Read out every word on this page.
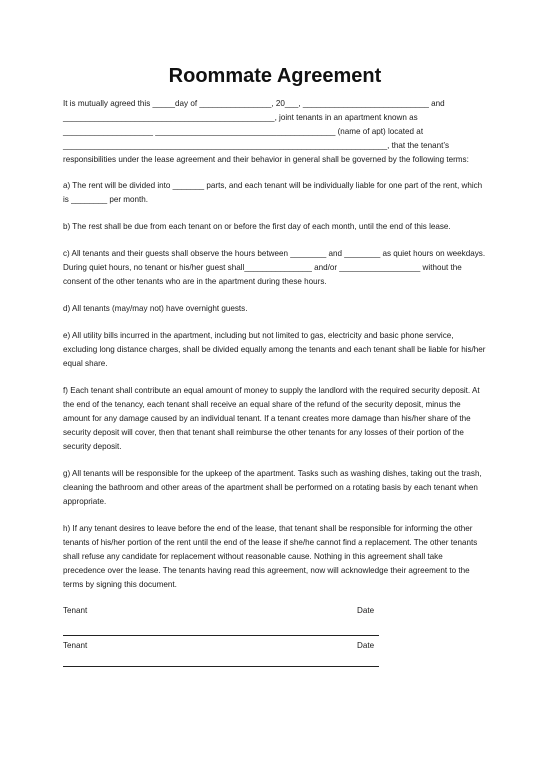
Roommate Agreement

It is mutually agreed this _____day of ________________, 20___, ____________________________ and _______________________________________________, joint tenants in an apartment known as ____________________ ________________________________________ (name of apt) located at ________________________________________________________________________, that the tenant’s responsibilities under the lease agreement and their behavior in general shall be governed by the following terms:

a) The rent will be divided into _______ parts, and each tenant will be individually liable for one part of the rent, which is ________ per month.

b) The rest shall be due from each tenant on or before the first day of each month, until the end of this lease.

c) All tenants and their guests shall observe the hours between ________ and ________ as quiet hours on weekdays. During quiet hours, no tenant or his/her guest shall_______________ and/or __________________ without the consent of the other tenants who are in the apartment during these hours.

d) All tenants (may/may not) have overnight guests.

e) All utility bills incurred in the apartment, including but not limited to gas, electricity and basic phone service, excluding long distance charges, shall be divided equally among the tenants and each tenant shall be liable for his/her equal share.

f) Each tenant shall contribute an equal amount of money to supply the landlord with the required security deposit. At the end of the tenancy, each tenant shall receive an equal share of the refund of the security deposit, minus the amount for any damage caused by an individual tenant. If a tenant creates more damage than his/her share of the security deposit will cover, then that tenant shall reimburse the other tenants for any losses of their portion of the security deposit.

g) All tenants will be responsible for the upkeep of the apartment. Tasks such as washing dishes, taking out the trash, cleaning the bathroom and other areas of the apartment shall be performed on a rotating basis by each tenant when appropriate.

h) If any tenant desires to leave before the end of the lease, that tenant shall be responsible for informing the other tenants of his/her portion of the rent until the end of the lease if she/he cannot find a replacement. The other tenants shall refuse any candidate for replacement without reasonable cause. Nothing in this agreement shall take precedence over the lease. The tenants having read this agreement, now will acknowledge their agreement to the terms by signing this document.

Tenant	Date
Tenant	Date
